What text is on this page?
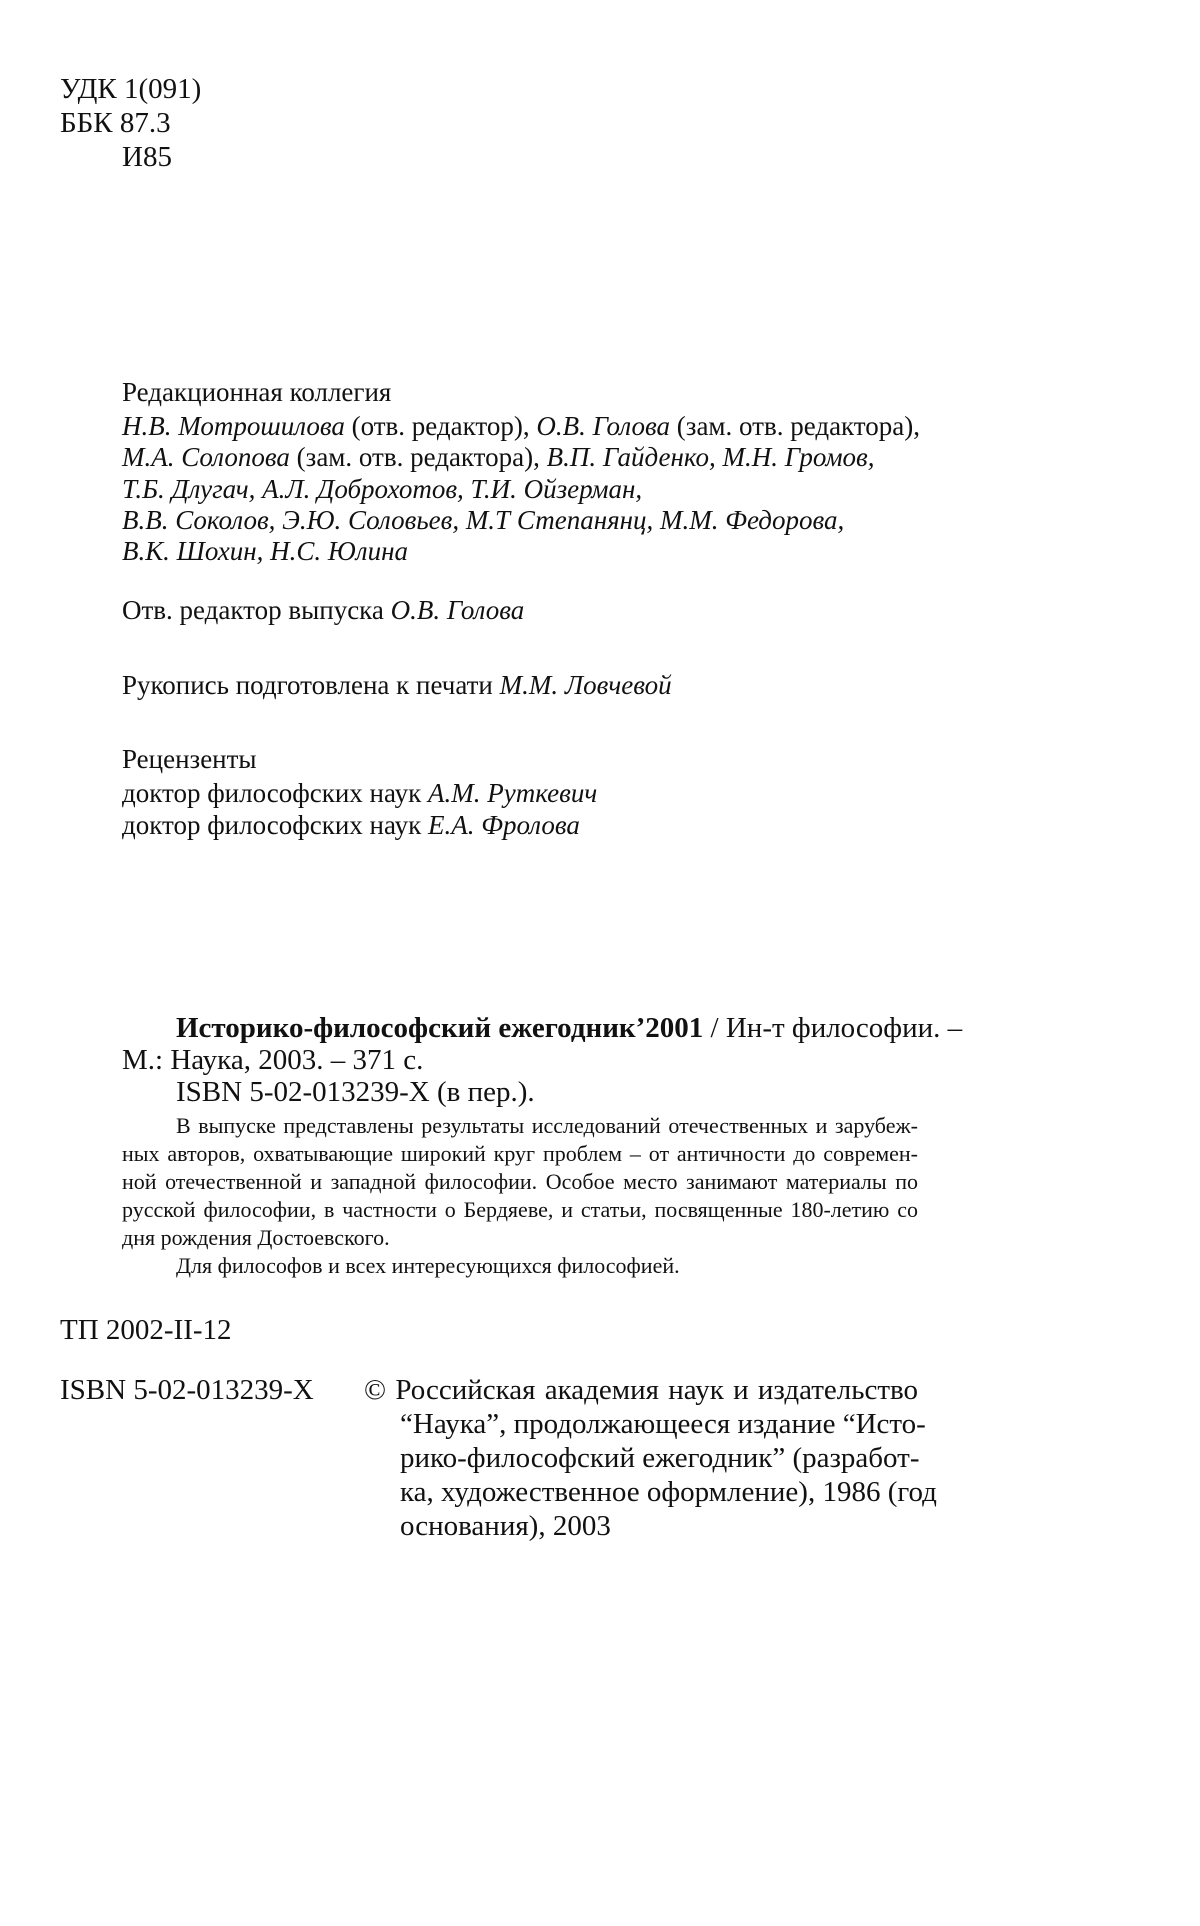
УДК 1(091)
ББК 87.3
И85
Редакционная коллегия
Н.В. Мотрошилова (отв. редактор), О.В. Голова (зам. отв. редактора),
М.А. Солопова (зам. отв. редактора), В.П. Гайденко, М.Н. Громов,
Т.Б. Длугач, А.Л. Доброхотов, Т.И. Ойзерман,
В.В. Соколов, Э.Ю. Соловьев, М.Т Степанянц, М.М. Федорова,
В.К. Шохин, Н.С. Юлина
Отв. редактор выпуска О.В. Голова
Рукопись подготовлена к печати М.М. Ловчевой
Рецензенты
доктор философских наук А.М. Руткевич
доктор философских наук Е.А. Фролова
Историко-философский ежегодник’2001 / Ин-т философии. –
М.: Наука, 2003. – 371 с.
ISBN 5-02-013239-X (в пер.).
В выпуске представлены результаты исследований отечественных и зарубеж-
ных авторов, охватывающие широкий круг проблем – от античности до современ-
ной отечественной и западной философии. Особое место занимают материалы по
русской философии, в частности о Бердяеве, и статьи, посвященные 180-летию со
дня рождения Достоевского.
Для философов и всех интересующихся философией.
ТП 2002-II-12
ISBN 5-02-013239-X © Российская академия наук и издательство
“Наука”, продолжающееся издание “Исто-
рико-философский ежегодник” (разработ-
ка, художественное оформление), 1986 (год
основания), 2003
